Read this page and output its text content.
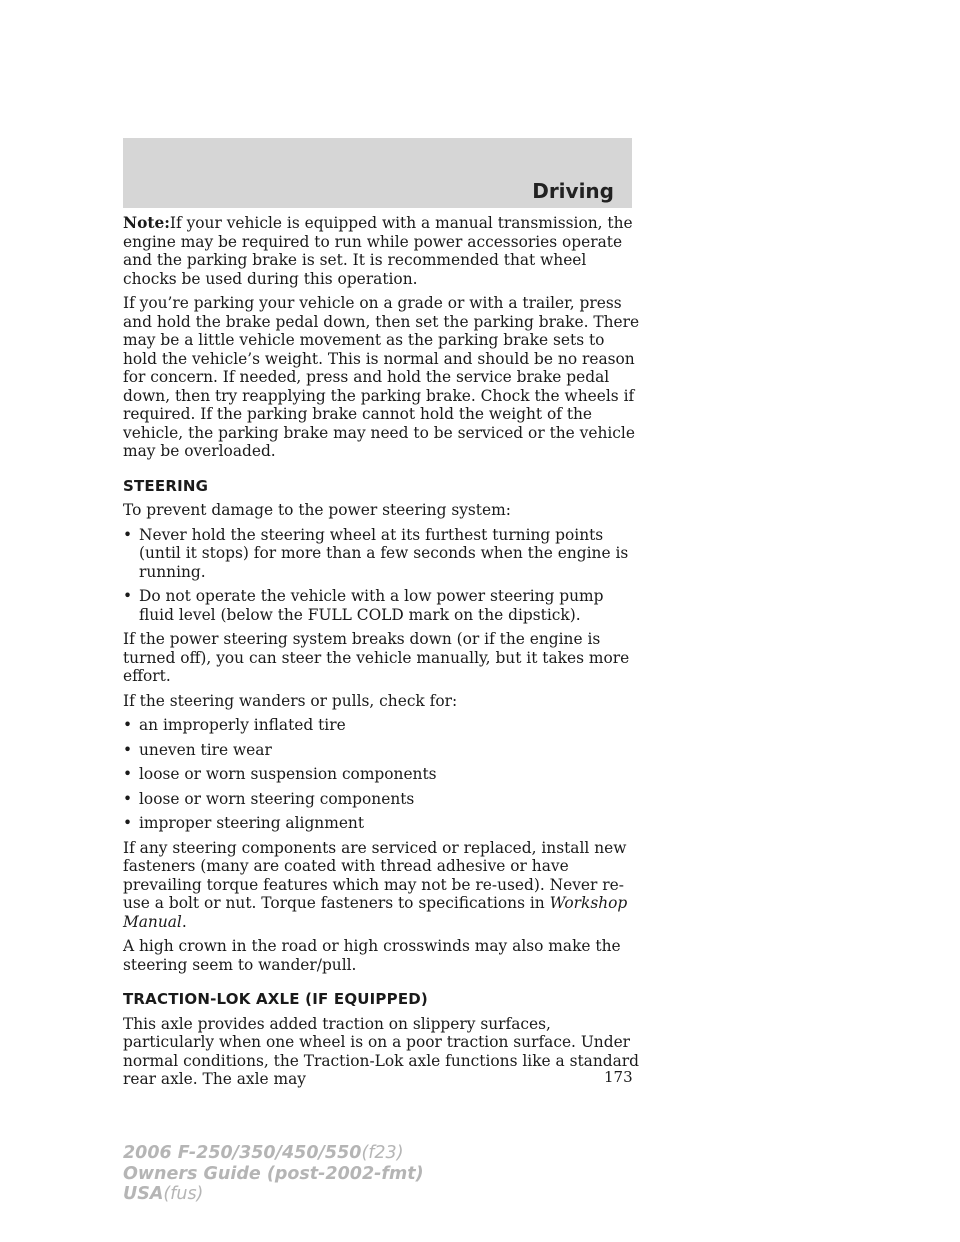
Driving

Note:If your vehicle is equipped with a manual transmission, the engine may be required to run while power accessories operate and the parking brake is set. It is recommended that wheel chocks be used during this operation.

If you’re parking your vehicle on a grade or with a trailer, press and hold the brake pedal down, then set the parking brake. There may be a little vehicle movement as the parking brake sets to hold the vehicle’s weight. This is normal and should be no reason for concern. If needed, press and hold the service brake pedal down, then try reapplying the parking brake. Chock the wheels if required. If the parking brake cannot hold the weight of the vehicle, the parking brake may need to be serviced or the vehicle may be overloaded.

STEERING

To prevent damage to the power steering system:

• Never hold the steering wheel at its furthest turning points (until it stops) for more than a few seconds when the engine is running.
• Do not operate the vehicle with a low power steering pump fluid level (below the FULL COLD mark on the dipstick).

If the power steering system breaks down (or if the engine is turned off), you can steer the vehicle manually, but it takes more effort.

If the steering wanders or pulls, check for:

• an improperly inflated tire
• uneven tire wear
• loose or worn suspension components
• loose or worn steering components
• improper steering alignment

If any steering components are serviced or replaced, install new fasteners (many are coated with thread adhesive or have prevailing torque features which may not be re-used). Never re-use a bolt or nut. Torque fasteners to specifications in Workshop Manual.

A high crown in the road or high crosswinds may also make the steering seem to wander/pull.

TRACTION-LOK AXLE (IF EQUIPPED)

This axle provides added traction on slippery surfaces, particularly when one wheel is on a poor traction surface. Under normal conditions, the Traction-Lok axle functions like a standard rear axle. The axle may	173
2006 F-250/350/450/550(f23)
Owners Guide (post-2002-fmt)
USA(fus)
